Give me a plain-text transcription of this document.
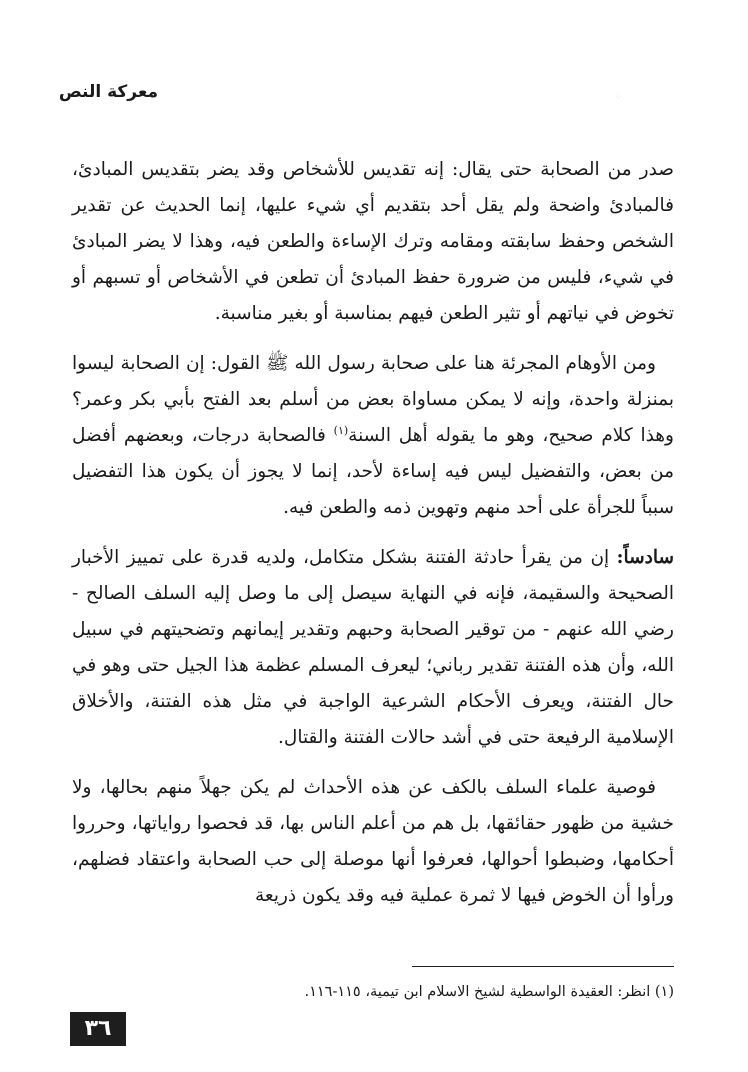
معركة النص	⁘

صدر من الصحابة حتى يقال: إنه تقديس للأشخاص وقد يضر بتقديس المبادئ، فالمبادئ واضحة ولم يقل أحد بتقديم أي شيء عليها، إنما الحديث عن تقدير الشخص وحفظ سابقته ومقامه وترك الإساءة والطعن فيه، وهذا لا يضر المبادئ في شيء، فليس من ضرورة حفظ المبادئ أن تطعن في الأشخاص أو تسبهم أو تخوض في نياتهم أو تثير الطعن فيهم بمناسبة أو بغير مناسبة.

ومن الأوهام المجرئة هنا على صحابة رسول الله ﷺ القول: إن الصحابة ليسوا بمنزلة واحدة، وإنه لا يمكن مساواة بعض من أسلم بعد الفتح بأبي بكر وعمر؟ وهذا كلام صحيح، وهو ما يقوله أهل السنة$^{(١)}$ فالصحابة درجات، وبعضهم أفضل من بعض، والتفضيل ليس فيه إساءة لأحد، إنما لا يجوز أن يكون هذا التفضيل سبباً للجرأة على أحد منهم وتهوين ذمه والطعن فيه.

سادساً: إن من يقرأ حادثة الفتنة بشكل متكامل، ولديه قدرة على تمييز الأخبار الصحيحة والسقيمة، فإنه في النهاية سيصل إلى ما وصل إليه السلف الصالح - رضي الله عنهم - من توقير الصحابة وحبهم وتقدير إيمانهم وتضحيتهم في سبيل الله، وأن هذه الفتنة تقدير رباني؛ ليعرف المسلم عظمة هذا الجيل حتى وهو في حال الفتنة، ويعرف الأحكام الشرعية الواجبة في مثل هذه الفتنة، والأخلاق الإسلامية الرفيعة حتى في أشد حالات الفتنة والقتال.

فوصية علماء السلف بالكف عن هذه الأحداث لم يكن جهلاً منهم بحالها، ولا خشية من ظهور حقائقها، بل هم من أعلم الناس بها، قد فحصوا رواياتها، وحرروا أحكامها، وضبطوا أحوالها، فعرفوا أنها موصلة إلى حب الصحابة واعتقاد فضلهم، ورأوا أن الخوض فيها لا ثمرة عملية فيه وقد يكون ذريعة

(١) انظر: العقيدة الواسطية لشيخ الاسلام ابن تيمية، ١١٥-١١٦.
٣٦
